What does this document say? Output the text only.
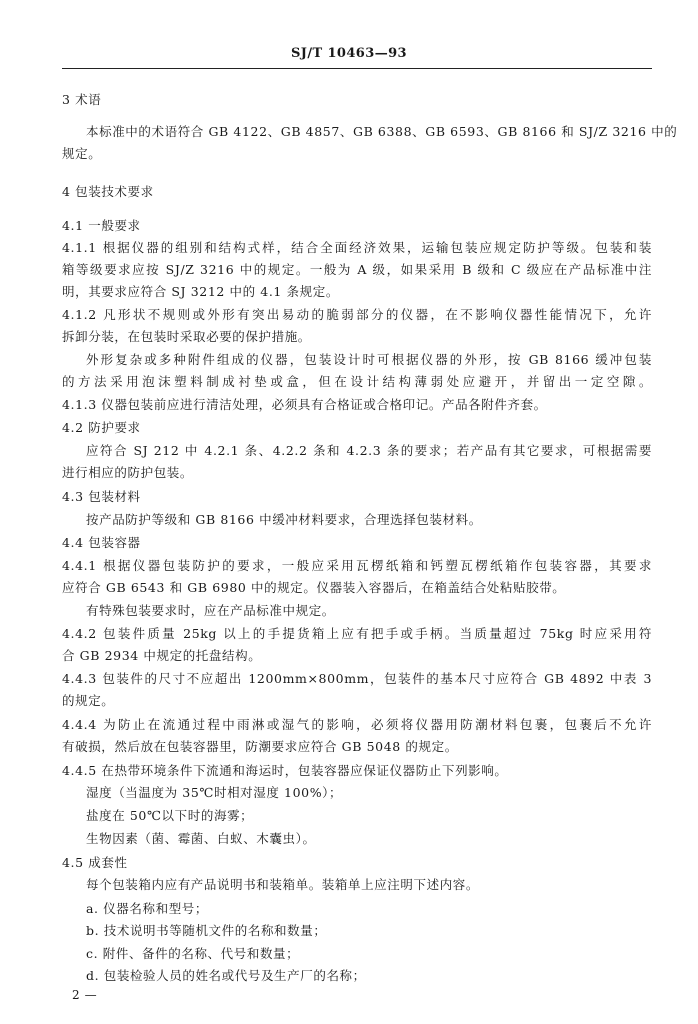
SJ/T 10463—93
3 术语
本标准中的术语符合 GB 4122、GB 4857、GB 6388、GB 6593、GB 8166 和 SJ/Z 3216 中的
规定。
4 包装技术要求
4.1 一般要求
4.1.1 根据仪器的组别和结构式样，结合全面经济效果，运输包装应规定防护等级。包装和装
箱等级要求应按 SJ/Z 3216 中的规定。一般为 A 级，如果采用 B 级和 C 级应在产品标准中注
明，其要求应符合 SJ 3212 中的 4.1 条规定。
4.1.2 凡形状不规则或外形有突出易动的脆弱部分的仪器，在不影响仪器性能情况下，允许
拆卸分装，在包装时采取必要的保护措施。
外形复杂或多种附件组成的仪器，包装设计时可根据仪器的外形，按 GB 8166 缓冲包装
的方法采用泡沫塑料制成衬垫或盒，但在设计结构薄弱处应避开，并留出一定空隙。
4.1.3 仪器包装前应进行清洁处理，必须具有合格证或合格印记。产品各附件齐套。
4.2 防护要求
应符合 SJ 212 中 4.2.1 条、4.2.2 条和 4.2.3 条的要求；若产品有其它要求，可根据需要
进行相应的防护包装。
4.3 包装材料
按产品防护等级和 GB 8166 中缓冲材料要求，合理选择包装材料。
4.4 包装容器
4.4.1 根据仪器包装防护的要求，一般应采用瓦楞纸箱和钙塑瓦楞纸箱作包装容器，其要求
应符合 GB 6543 和 GB 6980 中的规定。仪器装入容器后，在箱盖结合处粘贴胶带。
有特殊包装要求时，应在产品标准中规定。
4.4.2 包装件质量 25kg 以上的手提货箱上应有把手或手柄。当质量超过 75kg 时应采用符
合 GB 2934 中规定的托盘结构。
4.4.3 包装件的尺寸不应超出 1200mm×800mm，包装件的基本尺寸应符合 GB 4892 中表 3
的规定。
4.4.4 为防止在流通过程中雨淋或湿气的影响，必须将仪器用防潮材料包裹，包裹后不允许
有破损，然后放在包装容器里，防潮要求应符合 GB 5048 的规定。
4.4.5 在热带环境条件下流通和海运时，包装容器应保证仪器防止下列影响。
湿度（当温度为 35℃时相对湿度 100%）；
盐度在 50℃以下时的海雾；
生物因素（菌、霉菌、白蚁、木囊虫）。
4.5 成套性
每个包装箱内应有产品说明书和装箱单。装箱单上应注明下述内容。
a. 仪器名称和型号；
b. 技术说明书等随机文件的名称和数量；
c. 附件、备件的名称、代号和数量；
d. 包装检验人员的姓名或代号及生产厂的名称；
2 —
